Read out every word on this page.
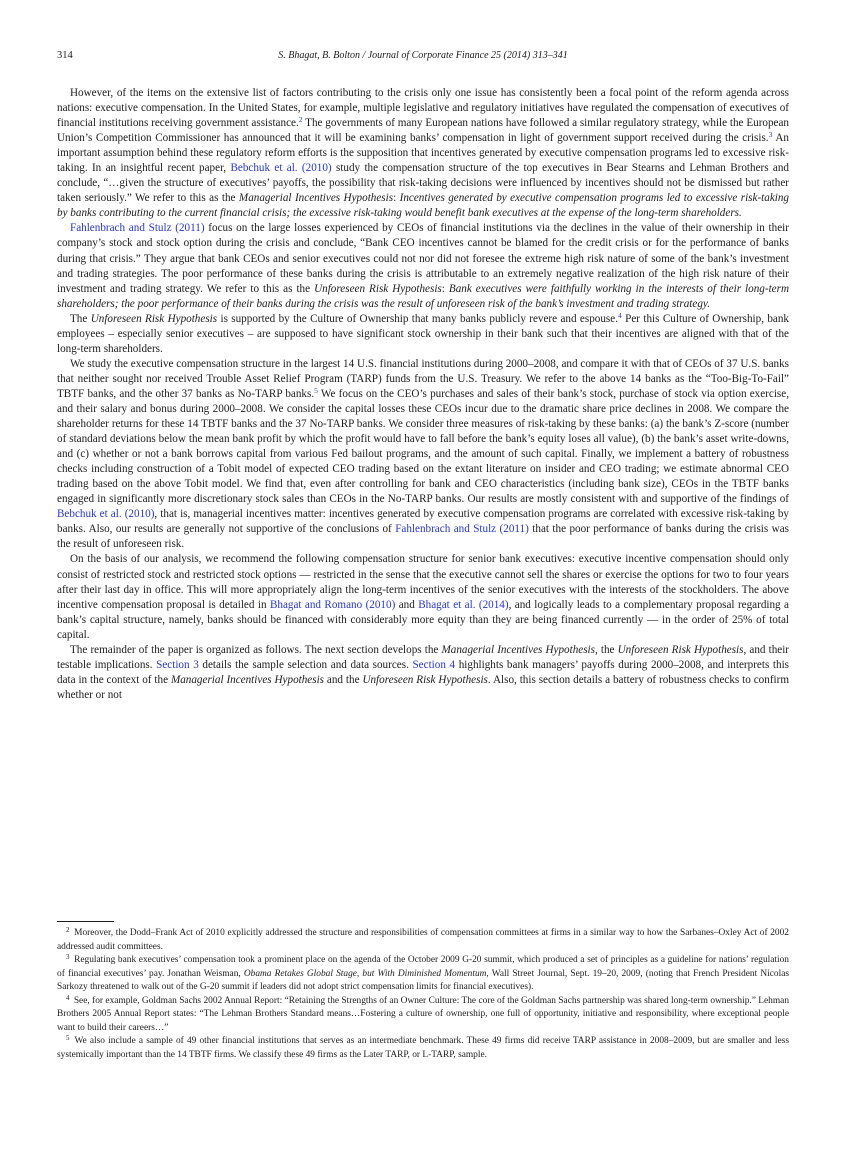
314	S. Bhagat, B. Bolton / Journal of Corporate Finance 25 (2014) 313–341

However, of the items on the extensive list of factors contributing to the crisis only one issue has consistently been a focal point of the reform agenda across nations: executive compensation. In the United States, for example, multiple legislative and regulatory initiatives have regulated the compensation of executives of financial institutions receiving government assistance.$^2$ The governments of many European nations have followed a similar regulatory strategy, while the European Union’s Competition Commissioner has announced that it will be examining banks’ compensation in light of government support received during the crisis.$^3$ An important assumption behind these regulatory reform efforts is the supposition that incentives generated by executive compensation programs led to excessive risk-taking. In an insightful recent paper, Bebchuk et al. (2010) study the compensation structure of the top executives in Bear Stearns and Lehman Brothers and conclude, “…given the structure of executives’ payoffs, the possibility that risk-taking decisions were influenced by incentives should not be dismissed but rather taken seriously.” We refer to this as the Managerial Incentives Hypothesis: Incentives generated by executive compensation programs led to excessive risk-taking by banks contributing to the current financial crisis; the excessive risk-taking would benefit bank executives at the expense of the long-term shareholders.

Fahlenbrach and Stulz (2011) focus on the large losses experienced by CEOs of financial institutions via the declines in the value of their ownership in their company’s stock and stock option during the crisis and conclude, “Bank CEO incentives cannot be blamed for the credit crisis or for the performance of banks during that crisis.” They argue that bank CEOs and senior executives could not nor did not foresee the extreme high risk nature of some of the bank’s investment and trading strategies. The poor performance of these banks during the crisis is attributable to an extremely negative realization of the high risk nature of their investment and trading strategy. We refer to this as the Unforeseen Risk Hypothesis: Bank executives were faithfully working in the interests of their long-term shareholders; the poor performance of their banks during the crisis was the result of unforeseen risk of the bank’s investment and trading strategy.

The Unforeseen Risk Hypothesis is supported by the Culture of Ownership that many banks publicly revere and espouse.$^4$ Per this Culture of Ownership, bank employees – especially senior executives – are supposed to have significant stock ownership in their bank such that their incentives are aligned with that of the long-term shareholders.

We study the executive compensation structure in the largest 14 U.S. financial institutions during 2000–2008, and compare it with that of CEOs of 37 U.S. banks that neither sought nor received Trouble Asset Relief Program (TARP) funds from the U.S. Treasury. We refer to the above 14 banks as the “Too-Big-To-Fail” TBTF banks, and the other 37 banks as No-TARP banks.$^5$ We focus on the CEO’s purchases and sales of their bank’s stock, purchase of stock via option exercise, and their salary and bonus during 2000–2008. We consider the capital losses these CEOs incur due to the dramatic share price declines in 2008. We compare the shareholder returns for these 14 TBTF banks and the 37 No-TARP banks. We consider three measures of risk-taking by these banks: (a) the bank’s Z-score (number of standard deviations below the mean bank profit by which the profit would have to fall before the bank’s equity loses all value), (b) the bank’s asset write-downs, and (c) whether or not a bank borrows capital from various Fed bailout programs, and the amount of such capital. Finally, we implement a battery of robustness checks including construction of a Tobit model of expected CEO trading based on the extant literature on insider and CEO trading; we estimate abnormal CEO trading based on the above Tobit model. We find that, even after controlling for bank and CEO characteristics (including bank size), CEOs in the TBTF banks engaged in significantly more discretionary stock sales than CEOs in the No-TARP banks. Our results are mostly consistent with and supportive of the findings of Bebchuk et al. (2010), that is, managerial incentives matter: incentives generated by executive compensation programs are correlated with excessive risk-taking by banks. Also, our results are generally not supportive of the conclusions of Fahlenbrach and Stulz (2011) that the poor performance of banks during the crisis was the result of unforeseen risk.

On the basis of our analysis, we recommend the following compensation structure for senior bank executives: executive incentive compensation should only consist of restricted stock and restricted stock options — restricted in the sense that the executive cannot sell the shares or exercise the options for two to four years after their last day in office. This will more appropriately align the long-term incentives of the senior executives with the interests of the stockholders. The above incentive compensation proposal is detailed in Bhagat and Romano (2010) and Bhagat et al. (2014), and logically leads to a complementary proposal regarding a bank’s capital structure, namely, banks should be financed with considerably more equity than they are being financed currently — in the order of 25% of total capital.

The remainder of the paper is organized as follows. The next section develops the Managerial Incentives Hypothesis, the Unforeseen Risk Hypothesis, and their testable implications. Section 3 details the sample selection and data sources. Section 4 highlights bank managers’ payoffs during 2000–2008, and interprets this data in the context of the Managerial Incentives Hypothesis and the Unforeseen Risk Hypothesis. Also, this section details a battery of robustness checks to confirm whether or not

$^2$ Moreover, the Dodd–Frank Act of 2010 explicitly addressed the structure and responsibilities of compensation committees at firms in a similar way to how the Sarbanes–Oxley Act of 2002 addressed audit committees.

$^3$ Regulating bank executives’ compensation took a prominent place on the agenda of the October 2009 G-20 summit, which produced a set of principles as a guideline for nations’ regulation of financial executives’ pay. Jonathan Weisman, Obama Retakes Global Stage, but With Diminished Momentum, Wall Street Journal, Sept. 19–20, 2009, (noting that French President Nicolas Sarkozy threatened to walk out of the G-20 summit if leaders did not adopt strict compensation limits for financial executives).

$^4$ See, for example, Goldman Sachs 2002 Annual Report: “Retaining the Strengths of an Owner Culture: The core of the Goldman Sachs partnership was shared long-term ownership.” Lehman Brothers 2005 Annual Report states: “The Lehman Brothers Standard means…Fostering a culture of ownership, one full of opportunity, initiative and responsibility, where exceptional people want to build their careers…”

$^5$ We also include a sample of 49 other financial institutions that serves as an intermediate benchmark. These 49 firms did receive TARP assistance in 2008–2009, but are smaller and less systemically important than the 14 TBTF firms. We classify these 49 firms as the Later TARP, or L-TARP, sample.
